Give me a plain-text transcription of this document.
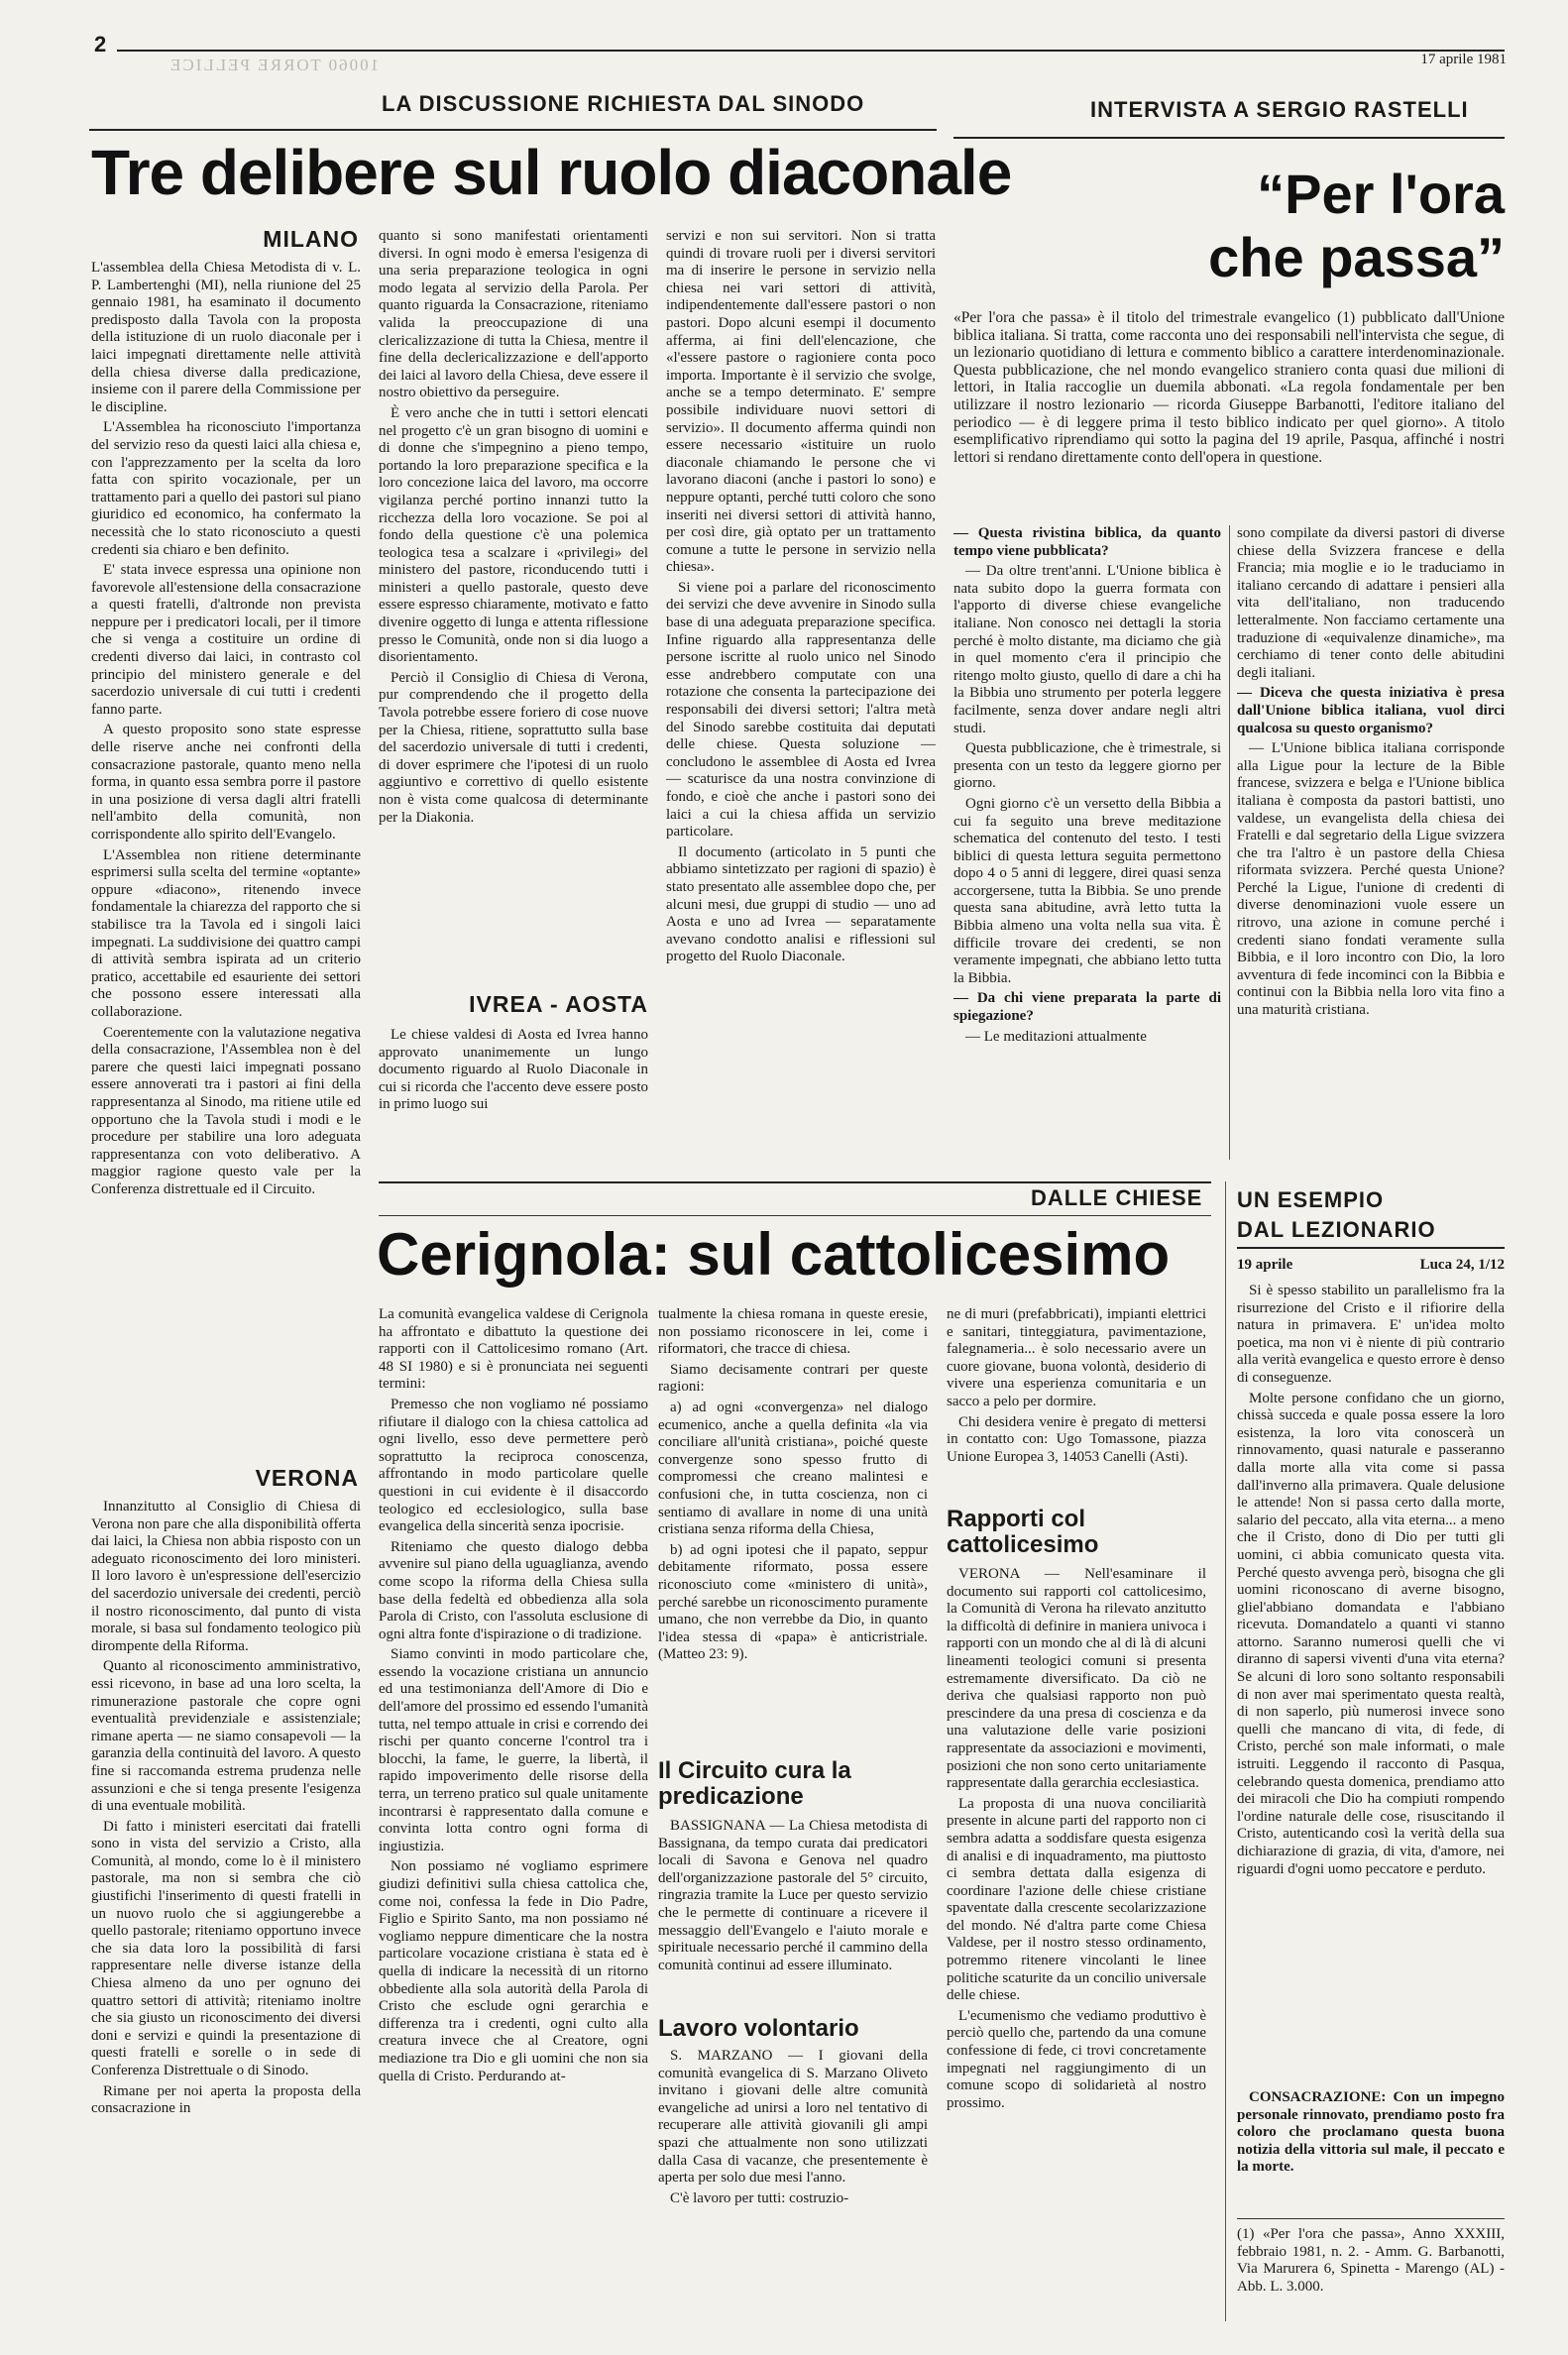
2
17 aprile 1981
10060 TORRE PELLICE
LA DISCUSSIONE RICHIESTA DAL SINODO
Tre delibere sul ruolo diaconale
MILANO

L'assemblea della Chiesa Metodista di v. L. P. Lambertenghi (MI), nella riunione del 25 gennaio 1981, ha esaminato il documento predisposto dalla Tavola con la proposta della istituzione di un ruolo diaconale per i laici impegnati direttamente nelle attività della chiesa diverse dalla predicazione, insieme con il parere della Commissione per le discipline.

L'Assemblea ha riconosciuto l'importanza del servizio reso da questi laici alla chiesa e, con l'apprezzamento per la scelta da loro fatta con spirito vocazionale, per un trattamento pari a quello dei pastori sul piano giuridico ed economico, ha confermato la necessità che lo stato riconosciuto a questi credenti sia chiaro e ben definito.

E' stata invece espressa una opinione non favorevole all'estensione della consacrazione a questi fratelli, d'altronde non prevista neppure per i predicatori locali, per il timore che si venga a costituire un ordine di credenti diverso dai laici, in contrasto col principio del ministero generale e del sacerdozio universale di cui tutti i credenti fanno parte.

A questo proposito sono state espresse delle riserve anche nei confronti della consacrazione pastorale, quanto meno nella forma, in quanto essa sembra porre il pastore in una posizione di versa dagli altri fratelli nell'ambito della comunità, non corrispondente allo spirito dell'Evangelo.

L'Assemblea non ritiene determinante esprimersi sulla scelta del termine «optante» oppure «diacono», ritenendo invece fondamentale la chiarezza del rapporto che si stabilisce tra la Tavola ed i singoli laici impegnati. La suddivisione dei quattro campi di attività sembra ispirata ad un criterio pratico, accettabile ed esauriente dei settori che possono essere interessati alla collaborazione.

Coerentemente con la valutazione negativa della consacrazione, l'Assemblea non è del parere che questi laici impegnati possano essere annoverati tra i pastori ai fini della rappresentanza al Sinodo, ma ritiene utile ed opportuno che la Tavola studi i modi e le procedure per stabilire una loro adeguata rappresentanza con voto deliberativo. A maggior ragione questo vale per la Conferenza distrettuale ed il Circuito.

VERONA

Innanzitutto al Consiglio di Chiesa di Verona non pare che alla disponibilità offerta dai laici, la Chiesa non abbia risposto con un adeguato riconoscimento dei loro ministeri. Il loro lavoro è un'espressione dell'esercizio del sacerdozio universale dei credenti, perciò il nostro riconoscimento, dal punto di vista morale, si basa sul fondamento teologico più dirompente della Riforma.

Quanto al riconoscimento amministrativo, essi ricevono, in base ad una loro scelta, la rimunerazione pastorale che copre ogni eventualità previdenziale e assistenziale; rimane aperta — ne siamo consapevoli — la garanzia della continuità del lavoro. A questo fine si raccomanda estrema prudenza nelle assunzioni e che si tenga presente l'esigenza di una eventuale mobilità.

Di fatto i ministeri esercitati dai fratelli sono in vista del servizio a Cristo, alla Comunità, al mondo, come lo è il ministero pastorale, ma non si sembra che ciò giustifichi l'inserimento di questi fratelli in un nuovo ruolo che si aggiungerebbe a quello pastorale; riteniamo opportuno invece che sia data loro la possibilità di farsi rappresentare nelle diverse istanze della Chiesa almeno da uno per ognuno dei quattro settori di attività; riteniamo inoltre che sia giusto un riconoscimento dei diversi doni e servizi e quindi la presentazione di questi fratelli e sorelle o in sede di Conferenza Distrettuale o di Sinodo.

Rimane per noi aperta la proposta della consacrazione in

quanto si sono manifestati orientamenti diversi. In ogni modo è emersa l'esigenza di una seria preparazione teologica in ogni modo legata al servizio della Parola. Per quanto riguarda la Consacrazione, riteniamo valida la preoccupazione di una clericalizzazione di tutta la Chiesa, mentre il fine della declericalizzazione e dell'apporto dei laici al lavoro della Chiesa, deve essere il nostro obiettivo da perseguire.

È vero anche che in tutti i settori elencati nel progetto c'è un gran bisogno di uomini e di donne che s'impegnino a pieno tempo, portando la loro preparazione specifica e la loro concezione laica del lavoro, ma occorre vigilanza perché portino innanzi tutto la ricchezza della loro vocazione. Se poi al fondo della questione c'è una polemica teologica tesa a scalzare i «privilegi» del ministero del pastore, riconducendo tutti i ministeri a quello pastorale, questo deve essere espresso chiaramente, motivato e fatto divenire oggetto di lunga e attenta riflessione presso le Comunità, onde non si dia luogo a disorientamento.

Perciò il Consiglio di Chiesa di Verona, pur comprendendo che il progetto della Tavola potrebbe essere foriero di cose nuove per la Chiesa, ritiene, soprattutto sulla base del sacerdozio universale di tutti i credenti, di dover esprimere che l'ipotesi di un ruolo aggiuntivo e correttivo di quello esistente non è vista come qualcosa di determinante per la Diakonia.

IVREA - AOSTA

Le chiese valdesi di Aosta ed Ivrea hanno approvato unanimemente un lungo documento riguardo al Ruolo Diaconale in cui si ricorda che l'accento deve essere posto in primo luogo sui

servizi e non sui servitori. Non si tratta quindi di trovare ruoli per i diversi servitori ma di inserire le persone in servizio nella chiesa nei vari settori di attività, indipendentemente dall'essere pastori o non pastori. Dopo alcuni esempi il documento afferma, ai fini dell'elencazione, che «l'essere pastore o ragioniere conta poco importa. Importante è il servizio che svolge, anche se a tempo determinato. E' sempre possibile individuare nuovi settori di servizio». Il documento afferma quindi non essere necessario «istituire un ruolo diaconale chiamando le persone che vi lavorano diaconi (anche i pastori lo sono) e neppure optanti, perché tutti coloro che sono inseriti nei diversi settori di attività hanno, per così dire, già optato per un trattamento comune a tutte le persone in servizio nella chiesa».

Si viene poi a parlare del riconoscimento dei servizi che deve avvenire in Sinodo sulla base di una adeguata preparazione specifica. Infine riguardo alla rappresentanza delle persone iscritte al ruolo unico nel Sinodo esse andrebbero computate con una rotazione che consenta la partecipazione dei responsabili dei diversi settori; l'altra metà del Sinodo sarebbe costituita dai deputati delle chiese. Questa soluzione — concludono le assemblee di Aosta ed Ivrea — scaturisce da una nostra convinzione di fondo, e cioè che anche i pastori sono dei laici a cui la chiesa affida un servizio particolare.

Il documento (articolato in 5 punti che abbiamo sintetizzato per ragioni di spazio) è stato presentato alle assemblee dopo che, per alcuni mesi, due gruppi di studio — uno ad Aosta e uno ad Ivrea — separatamente avevano condotto analisi e riflessioni sul progetto del Ruolo Diaconale.

INTERVISTA A SERGIO RASTELLI
“Per l'ora
che passa”
«Per l'ora che passa» è il titolo del trimestrale evangelico (1) pubblicato dall'Unione biblica italiana. Si tratta, come racconta uno dei responsabili nell'intervista che segue, di un lezionario quotidiano di lettura e commento biblico a carattere interdenominazionale. Questa pubblicazione, che nel mondo evangelico straniero conta quasi due milioni di lettori, in Italia raccoglie un duemila abbonati. «La regola fondamentale per ben utilizzare il nostro lezionario — ricorda Giuseppe Barbanotti, l'editore italiano del periodico — è di leggere prima il testo biblico indicato per quel giorno». A titolo esemplificativo riprendiamo qui sotto la pagina del 19 aprile, Pasqua, affinché i nostri lettori si rendano direttamente conto dell'opera in questione.

— Questa rivistina biblica, da quanto tempo viene pubblicata?

— Da oltre trent'anni. L'Unione biblica è nata subito dopo la guerra formata con l'apporto di diverse chiese evangeliche italiane. Non conosco nei dettagli la storia perché è molto distante, ma diciamo che già in quel momento c'era il principio che ritengo molto giusto, quello di dare a chi ha la Bibbia uno strumento per poterla leggere facilmente, senza dover andare negli altri studi.

Questa pubblicazione, che è trimestrale, si presenta con un testo da leggere giorno per giorno.

Ogni giorno c'è un versetto della Bibbia a cui fa seguito una breve meditazione schematica del contenuto del testo. I testi biblici di questa lettura seguita permettono dopo 4 o 5 anni di leggere, direi quasi senza accorgersene, tutta la Bibbia. Se uno prende questa sana abitudine, avrà letto tutta la Bibbia almeno una volta nella sua vita. È difficile trovare dei credenti, se non veramente impegnati, che abbiano letto tutta la Bibbia.

— Da chi viene preparata la parte di spiegazione?

— Le meditazioni attualmente

sono compilate da diversi pastori di diverse chiese della Svizzera francese e della Francia; mia moglie e io le traduciamo in italiano cercando di adattare i pensieri alla vita dell'italiano, non traducendo letteralmente. Non facciamo certamente una traduzione di «equivalenze dinamiche», ma cerchiamo di tener conto delle abitudini degli italiani.

— Diceva che questa iniziativa è presa dall'Unione biblica italiana, vuol dirci qualcosa su questo organismo?

— L'Unione biblica italiana corrisponde alla Ligue pour la lecture de la Bible francese, svizzera e belga e l'Unione biblica italiana è composta da pastori battisti, uno valdese, un evangelista della chiesa dei Fratelli e dal segretario della Ligue svizzera che tra l'altro è un pastore della Chiesa riformata svizzera. Perché questa Unione? Perché la Ligue, l'unione di credenti di diverse denominazioni vuole essere un ritrovo, una azione in comune perché i credenti siano fondati veramente sulla Bibbia, e il loro incontro con Dio, la loro avventura di fede incominci con la Bibbia e continui con la Bibbia nella loro vita fino a una maturità cristiana.

DALLE CHIESE
Cerignola: sul cattolicesimo

La comunità evangelica valdese di Cerignola ha affrontato e dibattuto la questione dei rapporti con il Cattolicesimo romano (Art. 48 SI 1980) e si è pronunciata nei seguenti termini:

Premesso che non vogliamo né possiamo rifiutare il dialogo con la chiesa cattolica ad ogni livello, esso deve permettere però soprattutto la reciproca conoscenza, affrontando in modo particolare quelle questioni in cui evidente è il disaccordo teologico ed ecclesiologico, sulla base evangelica della sincerità senza ipocrisie.

Riteniamo che questo dialogo debba avvenire sul piano della uguaglianza, avendo come scopo la riforma della Chiesa sulla base della fedeltà ed obbedienza alla sola Parola di Cristo, con l'assoluta esclusione di ogni altra fonte d'ispirazione o di tradizione.

Siamo convinti in modo particolare che, essendo la vocazione cristiana un annuncio ed una testimonianza dell'Amore di Dio e dell'amore del prossimo ed essendo l'umanità tutta, nel tempo attuale in crisi e correndo dei rischi per quanto concerne l'control tra i blocchi, la fame, le guerre, la libertà, il rapido impoverimento delle risorse della terra, un terreno pratico sul quale unitamente incontrarsi è rappresentato dalla comune e convinta lotta contro ogni forma di ingiustizia.

Non possiamo né vogliamo esprimere giudizi definitivi sulla chiesa cattolica che, come noi, confessa la fede in Dio Padre, Figlio e Spirito Santo, ma non possiamo né vogliamo neppure dimenticare che la nostra particolare vocazione cristiana è stata ed è quella di indicare la necessità di un ritorno obbediente alla sola autorità della Parola di Cristo che esclude ogni gerarchia e differenza tra i credenti, ogni culto alla creatura invece che al Creatore, ogni mediazione tra Dio e gli uomini che non sia quella di Cristo. Perdurando at-

tualmente la chiesa romana in queste eresie, non possiamo riconoscere in lei, come i riformatori, che tracce di chiesa.

Siamo decisamente contrari per queste ragioni:

a) ad ogni «convergenza» nel dialogo ecumenico, anche a quella definita «la via conciliare all'unità cristiana», poiché queste convergenze sono spesso frutto di compromessi che creano malintesi e confusioni che, in tutta coscienza, non ci sentiamo di avallare in nome di una unità cristiana senza riforma della Chiesa,

b) ad ogni ipotesi che il papato, seppur debitamente riformato, possa essere riconosciuto come «ministero di unità», perché sarebbe un riconoscimento puramente umano, che non verrebbe da Dio, in quanto l'idea stessa di «papa» è anticristriale. (Matteo 23: 9).

Il Circuito cura la predicazione

BASSIGNANA — La Chiesa metodista di Bassignana, da tempo curata dai predicatori locali di Savona e Genova nel quadro dell'organizzazione pastorale del 5° circuito, ringrazia tramite la Luce per questo servizio che le permette di continuare a ricevere il messaggio dell'Evangelo e l'aiuto morale e spirituale necessario perché il cammino della comunità continui ad essere illuminato.

Lavoro volontario

S. MARZANO — I giovani della comunità evangelica di S. Marzano Oliveto invitano i giovani delle altre comunità evangeliche ad unirsi a loro nel tentativo di recuperare alle attività giovanili gli ampi spazi che attualmente non sono utilizzati dalla Casa di vacanze, che presentemente è aperta per solo due mesi l'anno.

C'è lavoro per tutti: costruzio-

ne di muri (prefabbricati), impianti elettrici e sanitari, tinteggiatura, pavimentazione, falegnameria... è solo necessario avere un cuore giovane, buona volontà, desiderio di vivere una esperienza comunitaria e un sacco a pelo per dormire.

Chi desidera venire è pregato di mettersi in contatto con: Ugo Tomassone, piazza Unione Europea 3, 14053 Canelli (Asti).

Rapporti col cattolicesimo

VERONA — Nell'esaminare il documento sui rapporti col cattolicesimo, la Comunità di Verona ha rilevato anzitutto la difficoltà di definire in maniera univoca i rapporti con un mondo che al di là di alcuni lineamenti teologici comuni si presenta estremamente diversificato. Da ciò ne deriva che qualsiasi rapporto non può prescindere da una presa di coscienza e da una valutazione delle varie posizioni rappresentate da associazioni e movimenti, posizioni che non sono certo unitariamente rappresentate dalla gerarchia ecclesiastica.

La proposta di una nuova conciliarità presente in alcune parti del rapporto non ci sembra adatta a soddisfare questa esigenza di analisi e di inquadramento, ma piuttosto ci sembra dettata dalla esigenza di coordinare l'azione delle chiese cristiane spaventate dalla crescente secolarizzazione del mondo. Né d'altra parte come Chiesa Valdese, per il nostro stesso ordinamento, potremmo ritenere vincolanti le linee politiche scaturite da un concilio universale delle chiese.

L'ecumenismo che vediamo produttivo è perciò quello che, partendo da una comune confessione di fede, ci trovi concretamente impegnati nel raggiungimento di un comune scopo di solidarietà al nostro prossimo.

UN ESEMPIO
DAL LEZIONARIO
19 aprile	Luca 24, 1/12

Si è spesso stabilito un parallelismo fra la risurrezione del Cristo e il rifiorire della natura in primavera. E' un'idea molto poetica, ma non vi è niente di più contrario alla verità evangelica e questo errore è denso di conseguenze.

Molte persone confidano che un giorno, chissà succeda e quale possa essere la loro esistenza, la loro vita conoscerà un rinnovamento, quasi naturale e passeranno dalla morte alla vita come si passa dall'inverno alla primavera. Quale delusione le attende! Non si passa certo dalla morte, salario del peccato, alla vita eterna... a meno che il Cristo, dono di Dio per tutti gli uomini, ci abbia comunicato questa vita. Perché questo avvenga però, bisogna che gli uomini riconoscano di averne bisogno, gliel'abbiano domandata e l'abbiano ricevuta. Domandatelo a quanti vi stanno attorno. Saranno numerosi quelli che vi diranno di sapersi viventi d'una vita eterna? Se alcuni di loro sono soltanto responsabili di non aver mai sperimentato questa realtà, di non saperlo, più numerosi invece sono quelli che mancano di vita, di fede, di Cristo, perché son male informati, o male istruiti. Leggendo il racconto di Pasqua, celebrando questa domenica, prendiamo atto dei miracoli che Dio ha compiuti rompendo l'ordine naturale delle cose, risuscitando il Cristo, autenticando così la verità della sua dichiarazione di grazia, di vita, d'amore, nei riguardi d'ogni uomo peccatore e perduto.

CONSACRAZIONE: Con un impegno personale rinnovato, prendiamo posto fra coloro che proclamano questa buona notizia della vittoria sul male, il peccato e la morte.

(1) «Per l'ora che passa», Anno XXXIII, febbraio 1981, n. 2. - Amm. G. Barbanotti, Via Marurera 6, Spinetta - Marengo (AL) - Abb. L. 3.000.
